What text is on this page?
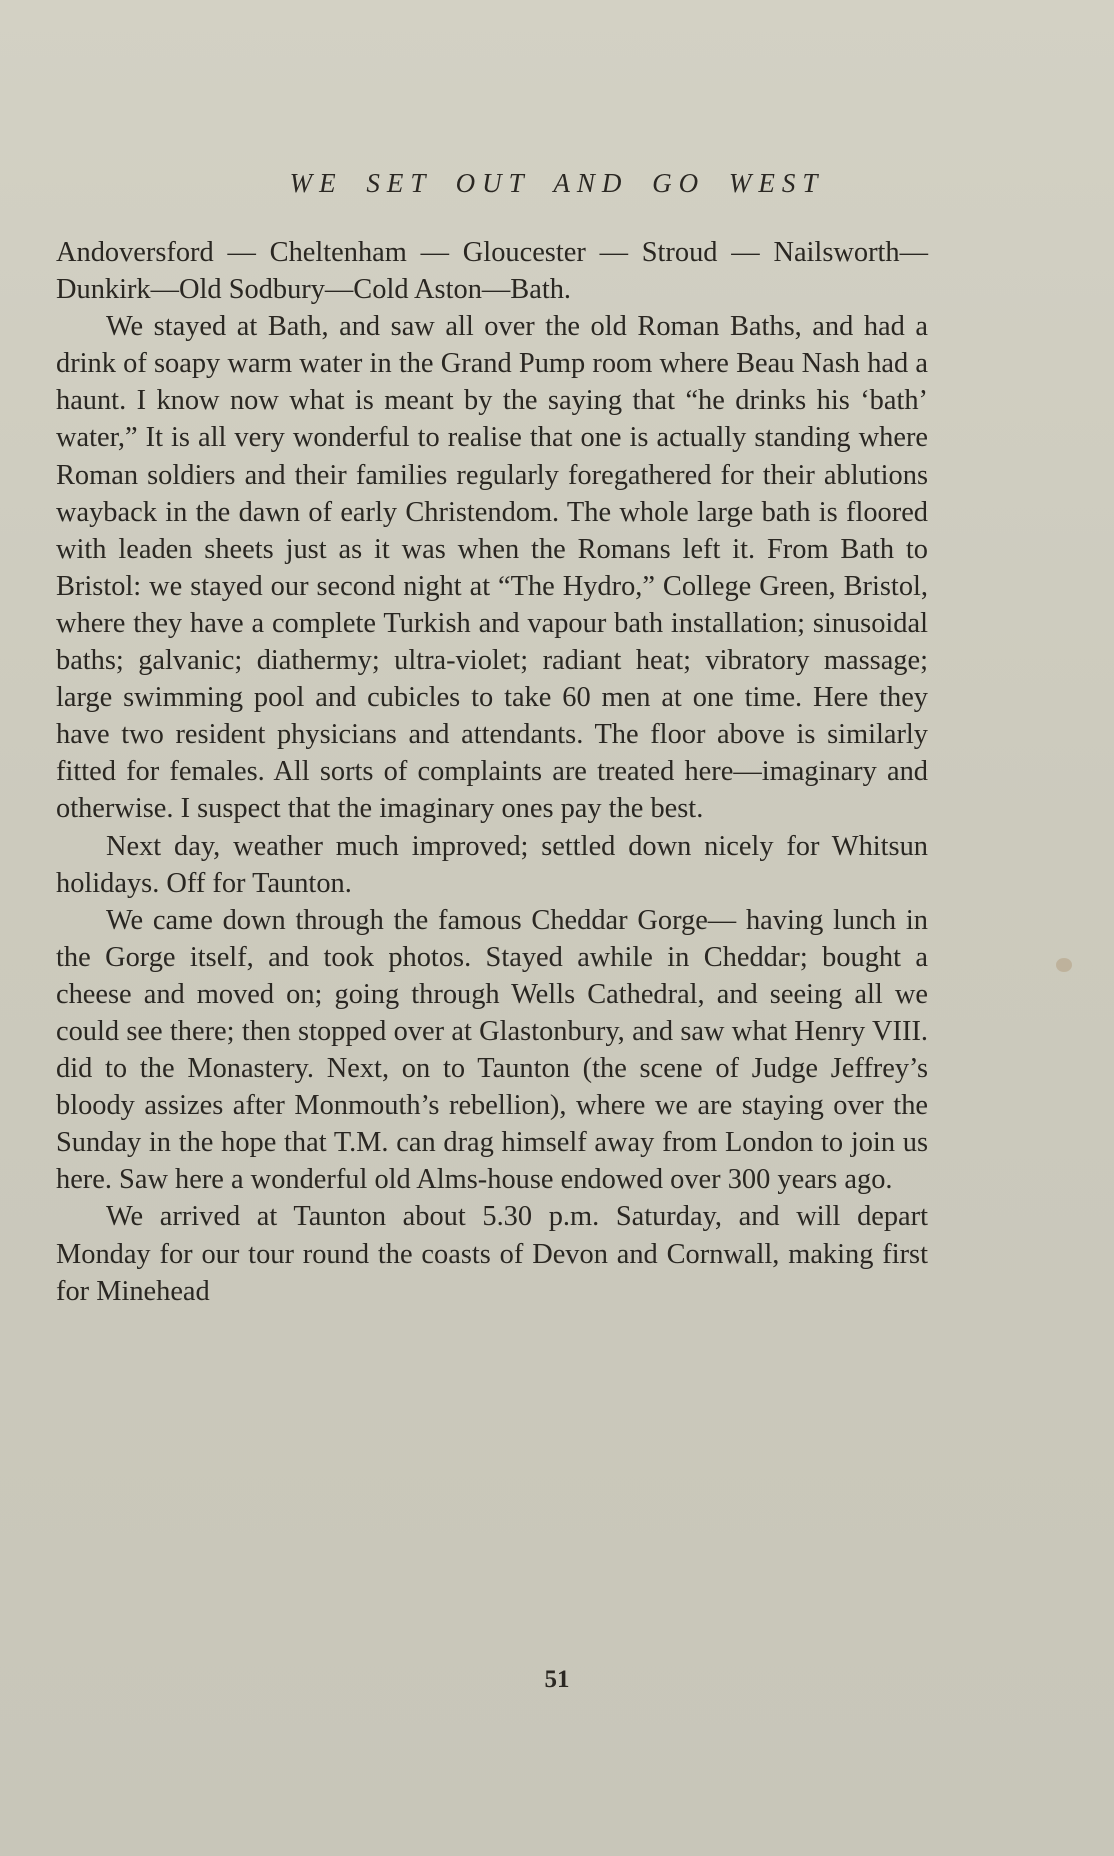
WE SET OUT AND GO WEST

Andoversford — Cheltenham — Gloucester — Stroud — Nailsworth—Dunkirk—Old Sodbury—Cold Aston—Bath.

We stayed at Bath, and saw all over the old Roman Baths, and had a drink of soapy warm water in the Grand Pump room where Beau Nash had a haunt. I know now what is meant by the saying that “he drinks his ‘bath’ water,” It is all very wonderful to realise that one is actually standing where Roman soldiers and their families regularly foregathered for their ablutions wayback in the dawn of early Christendom. The whole large bath is floored with leaden sheets just as it was when the Romans left it. From Bath to Bristol: we stayed our second night at “The Hydro,” College Green, Bristol, where they have a complete Turkish and vapour bath installation; sinusoidal baths; galvanic; diathermy; ultra-violet; radiant heat; vibratory massage; large swimming pool and cubicles to take 60 men at one time. Here they have two resident physicians and attendants. The floor above is similarly fitted for females. All sorts of complaints are treated here—imaginary and otherwise. I suspect that the imaginary ones pay the best.

Next day, weather much improved; settled down nicely for Whitsun holidays. Off for Taunton.

We came down through the famous Cheddar Gorge— having lunch in the Gorge itself, and took photos. Stayed awhile in Cheddar; bought a cheese and moved on; going through Wells Cathedral, and seeing all we could see there; then stopped over at Glastonbury, and saw what Henry VIII. did to the Monastery. Next, on to Taunton (the scene of Judge Jeffrey’s bloody assizes after Monmouth’s rebellion), where we are staying over the Sunday in the hope that T.M. can drag himself away from London to join us here. Saw here a wonderful old Alms-house endowed over 300 years ago.

We arrived at Taunton about 5.30 p.m. Saturday, and will depart Monday for our tour round the coasts of Devon and Cornwall, making first for Minehead

51
